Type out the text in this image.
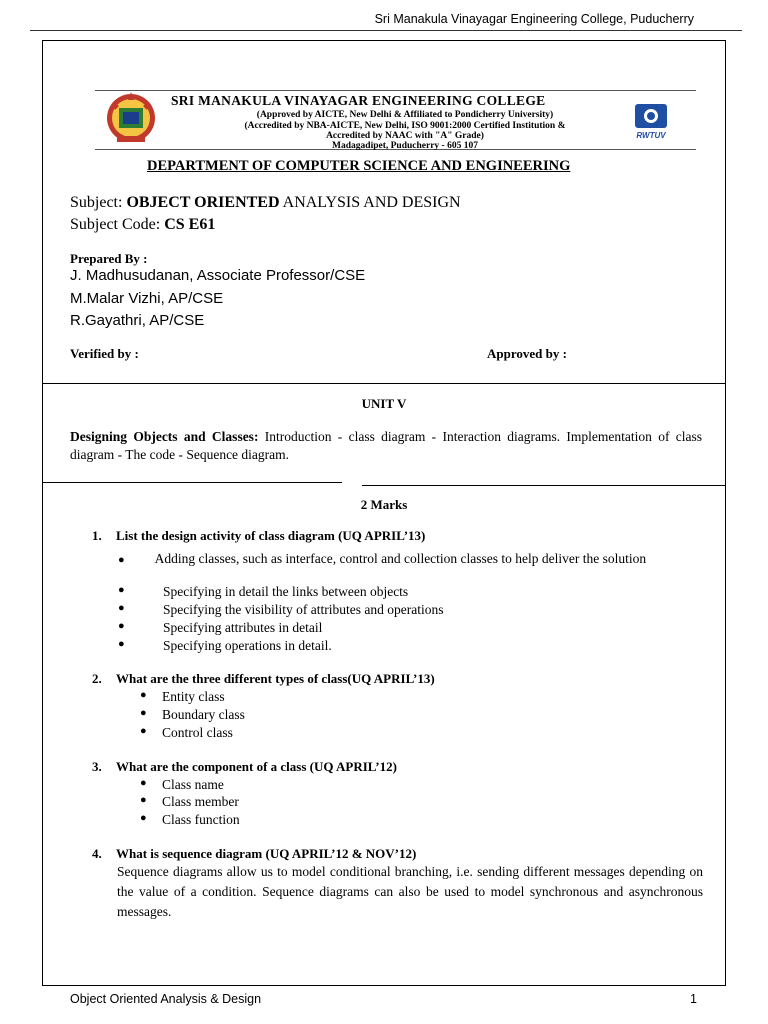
Sri Manakula Vinayagar Engineering College, Puducherry
SRI MANAKULA VINAYAGAR ENGINEERING COLLEGE
(Approved by AICTE, New Delhi & Affiliated to Pondicherry University)
(Accredited by NBA-AICTE, New Delhi, ISO 9001:2000 Certified Institution &
Accredited by NAAC with "A" Grade)
Madagadipet, Puducherry - 605 107
RWTUV
DEPARTMENT OF COMPUTER SCIENCE AND ENGINEERING
Subject: OBJECT ORIENTED ANALYSIS AND DESIGN
Subject Code: CS E61
Prepared By :
J. Madhusudanan, Associate Professor/CSE
M.Malar Vizhi, AP/CSE
R.Gayathri, AP/CSE
Verified by :	Approved by :
UNIT V
Designing Objects and Classes: Introduction - class diagram - Interaction diagrams. Implementation of class diagram - The code - Sequence diagram.
2 Marks
1. List the design activity of class diagram (UQ APRIL’13)
● Adding classes, such as interface, control and collection classes to help deliver the solution
●	Specifying in detail the links between objects
●	Specifying the visibility of attributes and operations
●	Specifying attributes in detail
●	Specifying operations in detail.
2. What are the three different types of class(UQ APRIL’13)
● Entity class
● Boundary class
● Control class
3. What are the component of a class (UQ APRIL’12)
● Class name
● Class member
● Class function
4. What is sequence diagram (UQ APRIL’12 & NOV’12)
Sequence diagrams allow us to model conditional branching, i.e. sending different messages depending on the value of a condition. Sequence diagrams can also be used to model synchronous and asynchronous messages.
Object Oriented Analysis & Design	1
